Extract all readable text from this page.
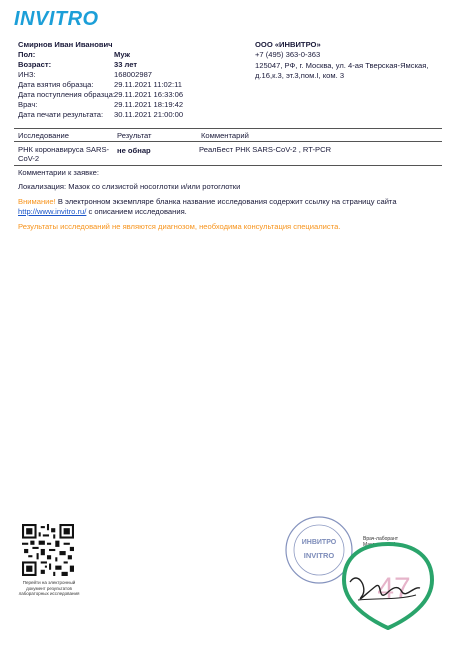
INVITRO
Смирнов Иван Иванович
Пол:	Муж
Возраст:	33 лет
ИНЗ:	168002987
Дата взятия образца:	29.11.2021 11:02:11
Дата поступления образца: 29.11.2021 16:33:06
Врач:	29.11.2021 18:19:42
Дата печати результата: 30.11.2021 21:00:00
ООО «ИНВИТРО»
+7 (495) 363-0-363
125047, РФ, г. Москва, ул. 4-ая Тверская-Ямская,
д.16,к.3, эт.3,пом.I, ком. 3
Исследование	Результат	Комментарий
РНК коронавируса SARS-
CoV-2
не обнар	РеалБест РНК SARS-CoV-2 , RT-PCR
Комментарии к заявке:
Локализация: Мазок со слизистой носоглотки и/или ротоглотки
Внимание! В электронном экземпляре бланка название исследования содержит ссылку на страницу сайта
http://www.invitro.ru/ с описанием исследования.
Результаты исследований не являются диагнозом, необходима консультация специалиста.
Перейти на электронный
документ результатов
лабораторных исследования
ИНВИТРО
INVITRO
Врач-лаборант
Макарова Т. А.
47
